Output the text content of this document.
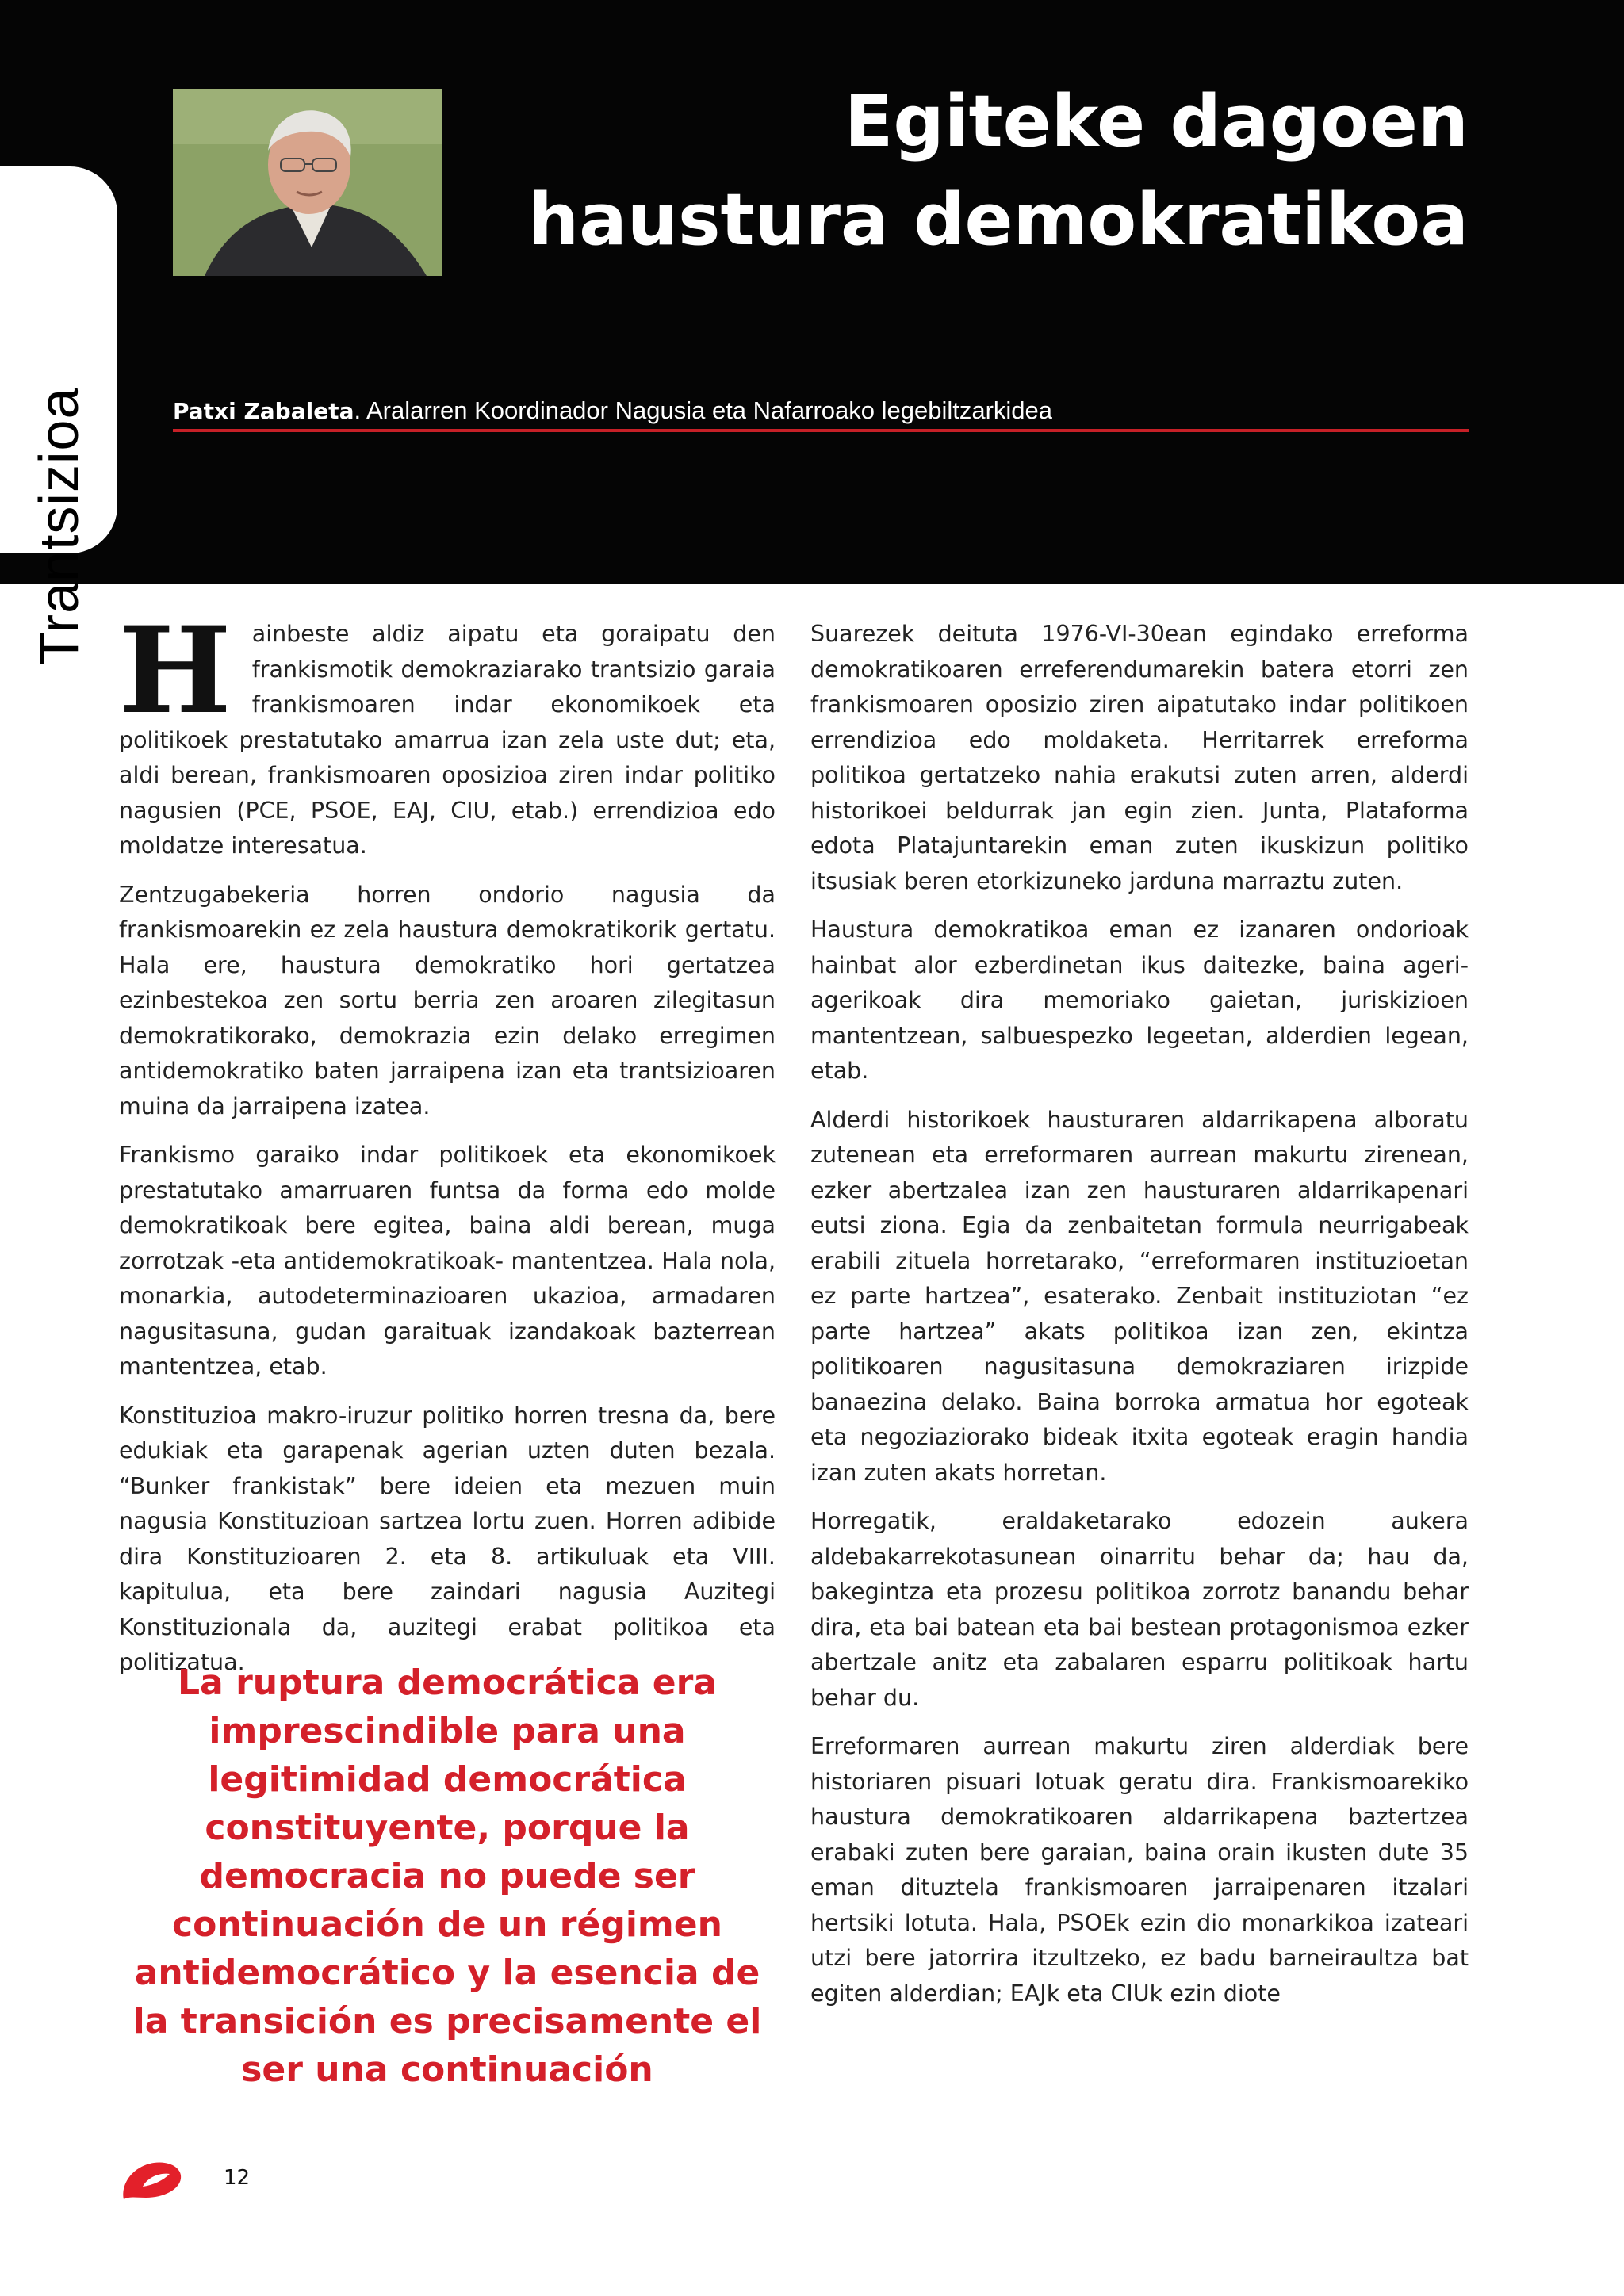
Trantsizioa
Egiteke dagoen
haustura demokratikoa
Patxi Zabaleta. Aralarren Koordinador Nagusia eta Nafarroako legebiltzarkidea

Hainbeste aldiz aipatu eta goraipatu den frankismotik demokraziarako trantsizio garaia frankismoaren indar ekonomikoek eta politikoek prestatutako amarrua izan zela uste dut; eta, aldi berean, frankismoaren oposizioa ziren indar politiko nagusien (PCE, PSOE, EAJ, CIU, etab.) errendizioa edo moldatze interesatua.

Zentzugabekeria horren ondorio nagusia da frankismoarekin ez zela haustura demokratikorik gertatu. Hala ere, haustura demokratiko hori gertatzea ezinbestekoa zen sortu berria zen aroaren zilegitasun demokratikorako, demokrazia ezin delako erregimen antidemokratiko baten jarraipena izan eta trantsizioaren muina da jarraipena izatea.

Frankismo garaiko indar politikoek eta ekonomikoek prestatutako amarruaren funtsa da forma edo molde demokratikoak bere egitea, baina aldi berean, muga zorrotzak -eta antidemokratikoak- mantentzea. Hala nola, monarkia, autodeterminazioaren ukazioa, armadaren nagusitasuna, gudan garaituak izandakoak bazterrean mantentzea, etab.

Konstituzioa makro-iruzur politiko horren tresna da, bere edukiak eta garapenak agerian uzten duten bezala. “Bunker frankistak” bere ideien eta mezuen muin nagusia Konstituzioan sartzea lortu zuen. Horren adibide dira Konstituzioaren 2. eta 8. artikuluak eta VIII. kapitulua, eta bere zaindari nagusia Auzitegi Konstituzionala da, auzitegi erabat politikoa eta politizatua.

Suarezek deituta 1976-VI-30ean egindako erreforma demokratikoaren erreferendumarekin batera etorri zen frankismoaren oposizio ziren aipatutako indar politikoen errendizioa edo moldaketa. Herritarrek erreforma politikoa gertatzeko nahia erakutsi zuten arren, alderdi historikoei beldurrak jan egin zien. Junta, Plataforma edota Platajuntarekin eman zuten ikuskizun politiko itsusiak beren etorkizuneko jarduna marraztu zuten.

Haustura demokratikoa eman ez izanaren ondorioak hainbat alor ezberdinetan ikus daitezke, baina ageri-agerikoak dira memoriako gaietan, juriskizioen mantentzean, salbuespezko legeetan, alderdien legean, etab.

Alderdi historikoek hausturaren aldarrikapena alboratu zutenean eta erreformaren aurrean makurtu zirenean, ezker abertzalea izan zen hausturaren aldarrikapenari eutsi ziona. Egia da zenbaitetan formula neurrigabeak erabili zituela horretarako, “erreformaren instituzioetan ez parte hartzea”, esaterako. Zenbait instituziotan “ez parte hartzea” akats politikoa izan zen, ekintza politikoaren nagusitasuna demokraziaren irizpide banaezina delako. Baina borroka armatua hor egoteak eta negoziaziorako bideak itxita egoteak eragin handia izan zuten akats horretan.

Horregatik, eraldaketarako edozein aukera aldebakarrekotasunean oinarritu behar da; hau da, bakegintza eta prozesu politikoa zorrotz banandu behar dira, eta bai batean eta bai bestean protagonismoa ezker abertzale anitz eta zabalaren esparru politikoak hartu behar du.

Erreformaren aurrean makurtu ziren alderdiak bere historiaren pisuari lotuak geratu dira. Frankismoarekiko haustura demokratikoaren aldarrikapena baztertzea erabaki zuten bere garaian, baina orain ikusten dute 35 eman dituztela frankismoaren jarraipenaren itzalari hertsiki lotuta. Hala, PSOEk ezin dio monarkikoa izateari utzi bere jatorrira itzultzeko, ez badu barneiraultza bat egiten alderdian; EAJk eta CIUk ezin diote

La ruptura democrática era imprescindible para una legitimidad democrática constituyente, porque la democracia no puede ser continuación de un régimen antidemocrático y la esencia de la transición es precisamente el ser una continuación

12
